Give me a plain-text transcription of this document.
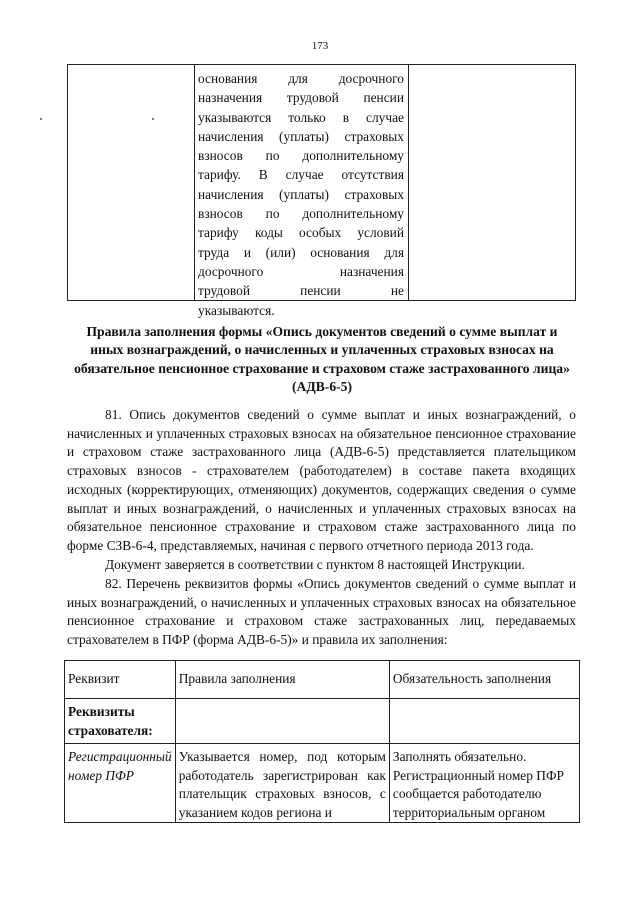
173
основания для досрочного
назначения трудовой пенсии
указываются только в случае
начисления (уплаты) страховых
взносов по дополнительному
тарифу. В случае отсутствия
начисления (уплаты) страховых
взносов по дополнительному
тарифу коды особых условий
труда и (или) основания для
досрочного назначения
трудовой пенсии не
указываются.
Правила заполнения формы «Опись документов сведений о сумме выплат и иных вознаграждений, о начисленных и уплаченных страховых взносах на обязательное пенсионное страхование и страховом стаже застрахованного лица» (АДВ-6-5)
81. Опись документов сведений о сумме выплат и иных вознаграждений, о начисленных и уплаченных страховых взносах на обязательное пенсионное страхование и страховом стаже застрахованного лица (АДВ-6-5) представляется плательщиком страховых взносов - страхователем (работодателем) в составе пакета входящих исходных (корректирующих, отменяющих) документов, содержащих сведения о сумме выплат и иных вознаграждений, о начисленных и уплаченных страховых взносах на обязательное пенсионное страхование и страховом стаже застрахованного лица по форме СЗВ-6-4, представляемых, начиная с первого отчетного периода 2013 года.
Документ заверяется в соответствии с пунктом 8 настоящей Инструкции.
82. Перечень реквизитов формы «Опись документов сведений о сумме выплат и иных вознаграждений, о начисленных и уплаченных страховых взносах на обязательное пенсионное страхование и страховом стаже застрахованных лиц, передаваемых страхователем в ПФР (форма АДВ-6-5)» и правила их заполнения:
Реквизит	Правила заполнения	Обязательность заполнения
Реквизиты страхователя:		
Регистрационный номер ПФР	Указывается номер, под которым работодатель зарегистрирован как плательщик страховых взносов, с указанием кодов региона и	Заполнять обязательно. Регистрационный номер ПФР сообщается работодателю территориальным органом
